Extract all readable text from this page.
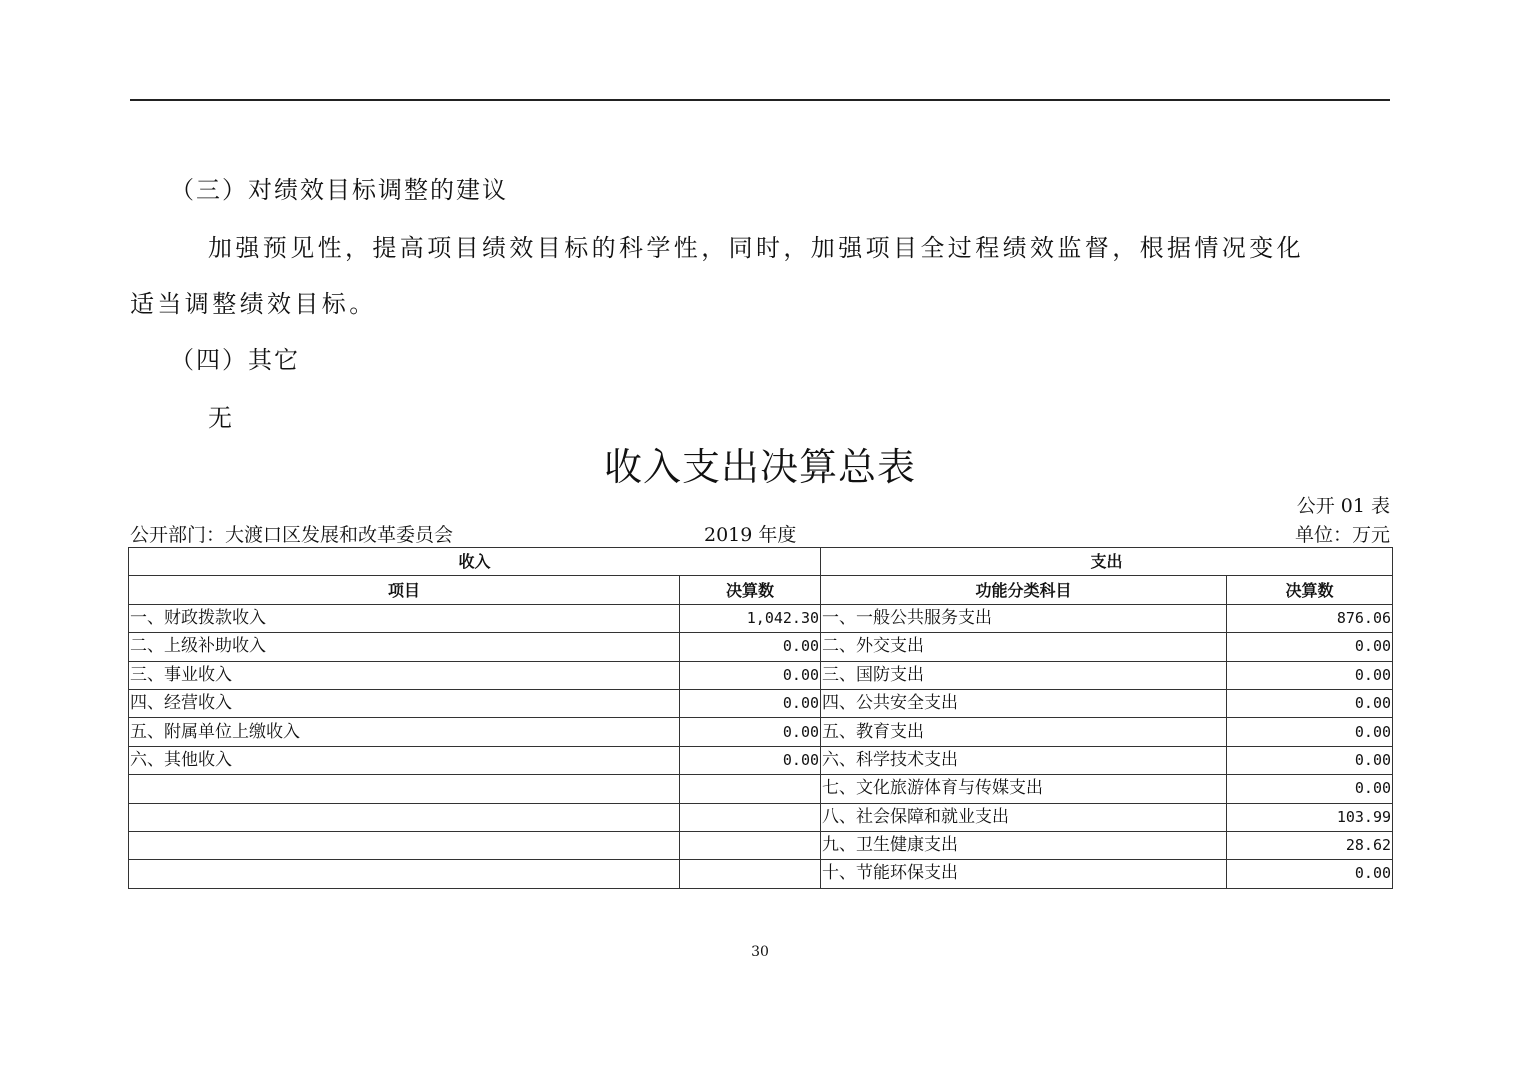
（三）对绩效目标调整的建议
加强预见性，提高项目绩效目标的科学性，同时，加强项目全过程绩效监督，根据情况变化
适当调整绩效目标。
（四）其它
无
收入支出决算总表
公开 01 表
公开部门：大渡口区发展和改革委员会	2019 年度	单位：万元
收入		支出	
项目	决算数	功能分类科目	决算数
一、财政拨款收入	1,042.30	一、一般公共服务支出	876.06
二、上级补助收入	0.00	二、外交支出	0.00
三、事业收入	0.00	三、国防支出	0.00
四、经营收入	0.00	四、公共安全支出	0.00
五、附属单位上缴收入	0.00	五、教育支出	0.00
六、其他收入	0.00	六、科学技术支出	0.00
		七、文化旅游体育与传媒支出	0.00
		八、社会保障和就业支出	103.99
		九、卫生健康支出	28.62
		十、节能环保支出	0.00
30
